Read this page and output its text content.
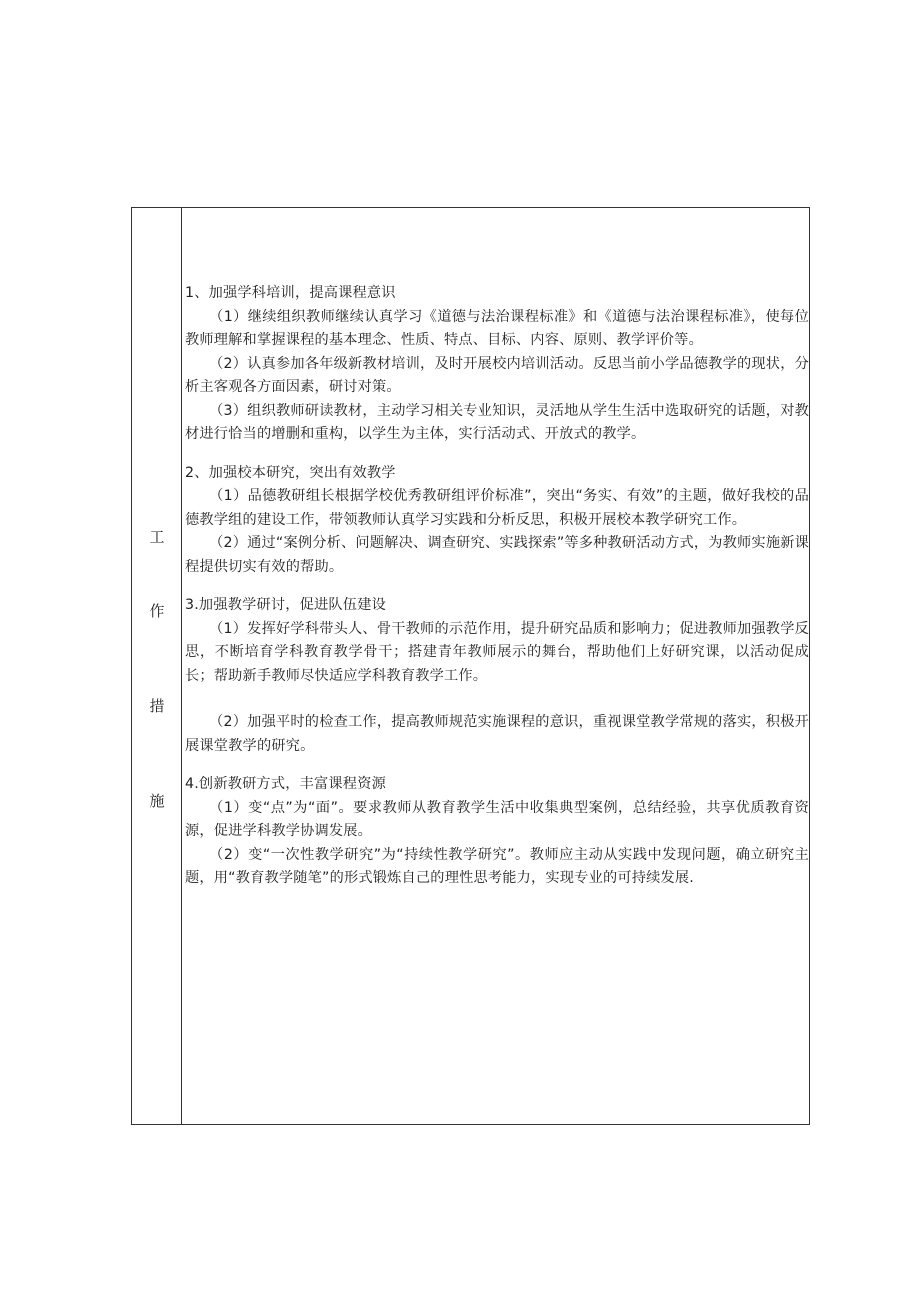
工
作
措
施

1、加强学科培训，提高课程意识

（1）继续组织教师继续认真学习《道德与法治课程标准》和《道德与法治课程标准》，使每位教师理解和掌握课程的基本理念、性质、特点、目标、内容、原则、教学评价等。

（2）认真参加各年级新教材培训，及时开展校内培训活动。反思当前小学品德教学的现状，分析主客观各方面因素，研讨对策。

（3）组织教师研读教材，主动学习相关专业知识，灵活地从学生生活中选取研究的话题，对教材进行恰当的增删和重构，以学生为主体，实行活动式、开放式的教学。

2、加强校本研究，突出有效教学

（1）品德教研组长根据学校优秀教研组评价标准”，突出“务实、有效”的主题，做好我校的品德教学组的建设工作，带领教师认真学习实践和分析反思，积极开展校本教学研究工作。

（2）通过“案例分析、问题解决、调查研究、实践探索”等多种教研活动方式，为教师实施新课程提供切实有效的帮助。

3.加强教学研讨，促进队伍建设

（1）发挥好学科带头人、骨干教师的示范作用，提升研究品质和影响力；促进教师加强教学反思，不断培育学科教育教学骨干；搭建青年教师展示的舞台，帮助他们上好研究课，以活动促成长；帮助新手教师尽快适应学科教育教学工作。

（2）加强平时的检查工作，提高教师规范实施课程的意识，重视课堂教学常规的落实，积极开展课堂教学的研究。

4.创新教研方式，丰富课程资源

（1）变“点”为“面”。要求教师从教育教学生活中收集典型案例，总结经验，共享优质教育资源，促进学科教学协调发展。

（2）变“一次性教学研究”为“持续性教学研究”。教师应主动从实践中发现问题，确立研究主题，用“教育教学随笔”的形式锻炼自己的理性思考能力，实现专业的可持续发展.
